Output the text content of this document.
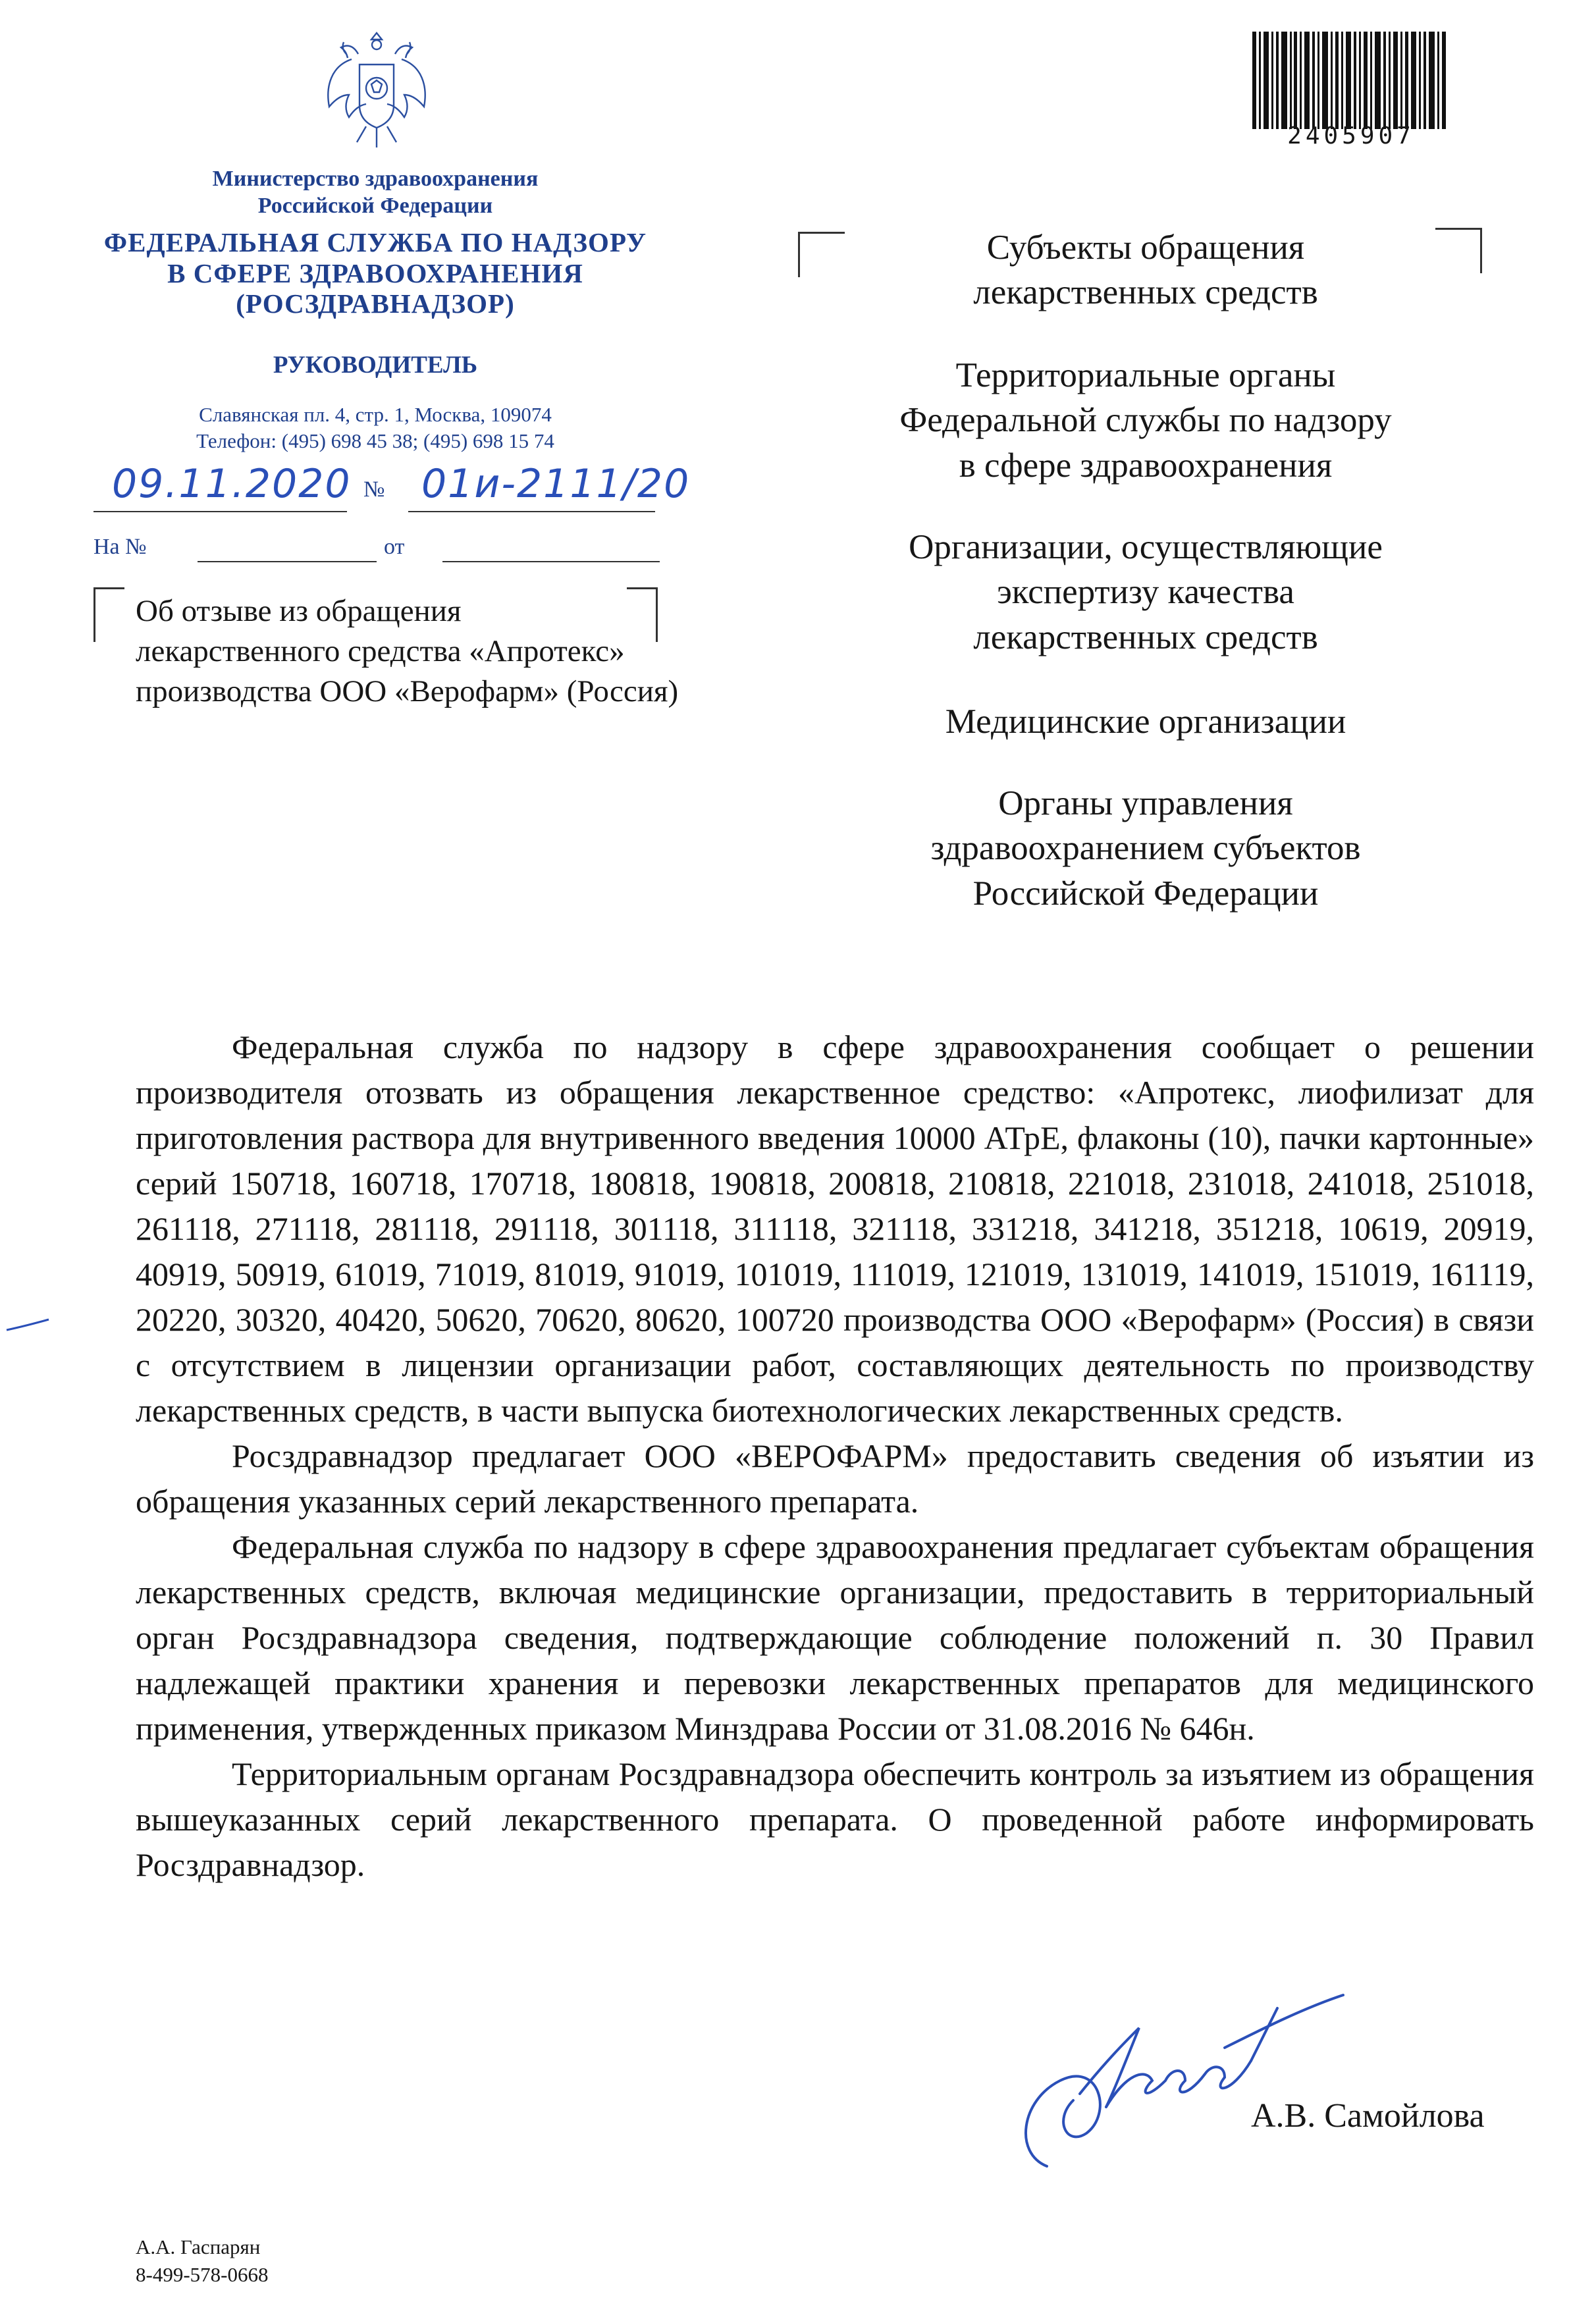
Министерство здравоохранения
Российской Федерации
ФЕДЕРАЛЬНАЯ СЛУЖБА ПО НАДЗОРУ
В СФЕРЕ ЗДРАВООХРАНЕНИЯ
(РОСЗДРАВНАДЗОР)
РУКОВОДИТЕЛЬ
Славянская пл. 4, стр. 1, Москва, 109074
Телефон: (495) 698 45 38; (495) 698 15 74
09.11.2020 № 01и-2111/20
На №	от
Об отзыве из обращения
лекарственного средства «Апротекс»
производства ООО «Верофарм» (Россия)
2405907
Субъекты обращения
лекарственных средств
Территориальные органы
Федеральной службы по надзору
в сфере здравоохранения
Организации, осуществляющие
экспертизу качества
лекарственных средств
Медицинские организации
Органы управления
здравоохранением субъектов
Российской Федерации

Федеральная служба по надзору в сфере здравоохранения сообщает о решении производителя отозвать из обращения лекарственное средство: «Апротекс, лиофилизат для приготовления раствора для внутривенного введения 10000 АТрЕ, флаконы (10), пачки картонные» серий 150718, 160718, 170718, 180818, 190818, 200818, 210818, 221018, 231018, 241018, 251018, 261118, 271118, 281118, 291118, 301118, 311118, 321118, 331218, 341218, 351218, 10619, 20919, 40919, 50919, 61019, 71019, 81019, 91019, 101019, 111019, 121019, 131019, 141019, 151019, 161119, 20220, 30320, 40420, 50620, 70620, 80620, 100720 производства ООО «Верофарм» (Россия) в связи с отсутствием в лицензии организации работ, составляющих деятельность по производству лекарственных средств, в части выпуска биотехнологических лекарственных средств.

Росздравнадзор предлагает ООО «ВЕРОФАРМ» предоставить сведения об изъятии из обращения указанных серий лекарственного препарата.

Федеральная служба по надзору в сфере здравоохранения предлагает субъектам обращения лекарственных средств, включая медицинские организации, предоставить в территориальный орган Росздравнадзора сведения, подтверждающие соблюдение положений п. 30 Правил надлежащей практики хранения и перевозки лекарственных препаратов для медицинского применения, утвержденных приказом Минздрава России от 31.08.2016 № 646н.

Территориальным органам Росздравнадзора обеспечить контроль за изъятием из обращения вышеуказанных серий лекарственного препарата. О проведенной работе информировать Росздравнадзор.

А.В. Самойлова
А.А. Гаспарян
8-499-578-0668
